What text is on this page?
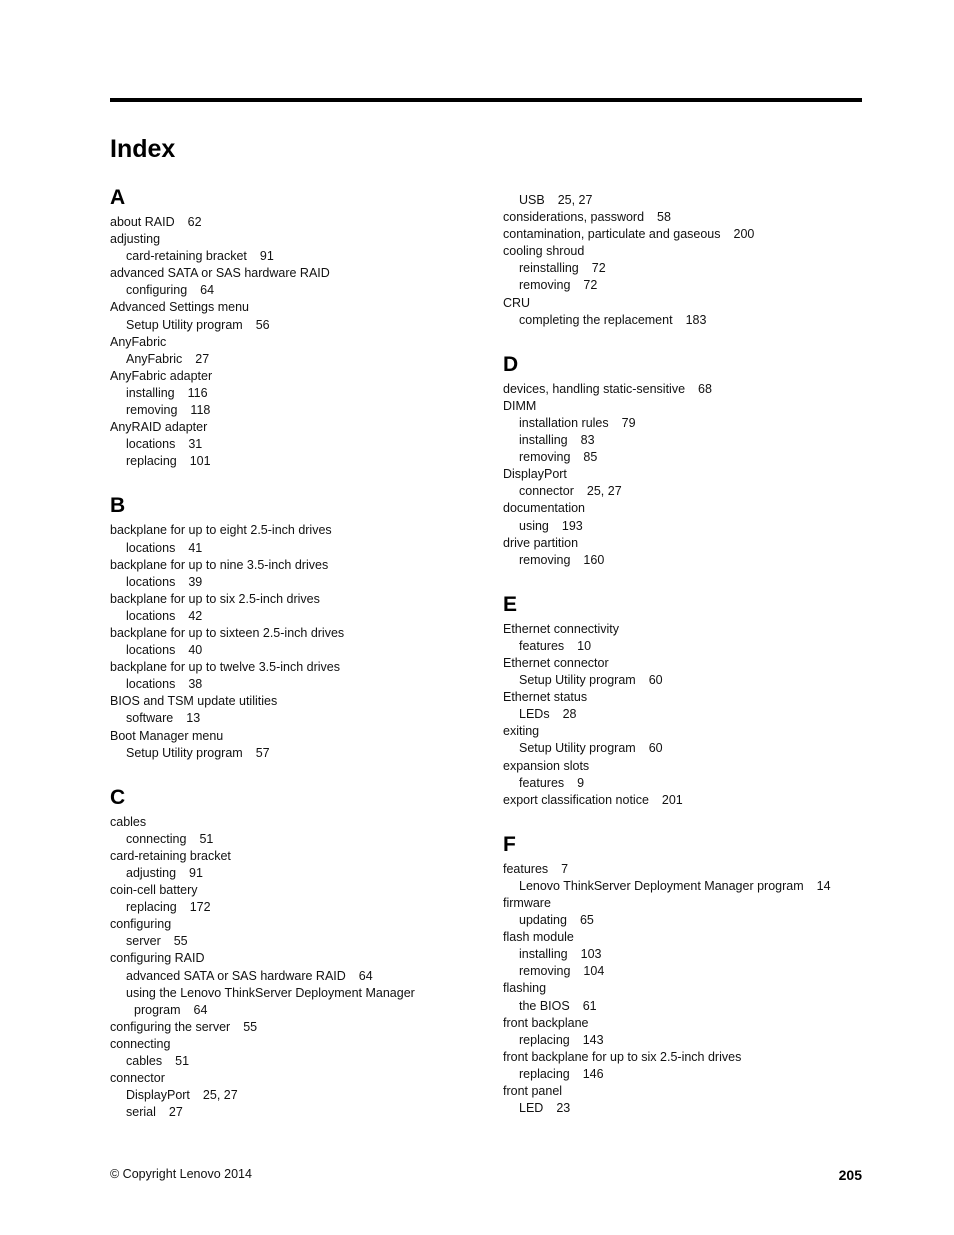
Index
A
about RAID 62
adjusting
card-retaining bracket 91
advanced SATA or SAS hardware RAID
configuring 64
Advanced Settings menu
Setup Utility program 56
AnyFabric
AnyFabric 27
AnyFabric adapter
installing 116
removing 118
AnyRAID adapter
locations 31
replacing 101
B
backplane for up to eight 2.5-inch drives
locations 41
backplane for up to nine 3.5-inch drives
locations 39
backplane for up to six 2.5-inch drives
locations 42
backplane for up to sixteen 2.5-inch drives
locations 40
backplane for up to twelve 3.5-inch drives
locations 38
BIOS and TSM update utilities
software 13
Boot Manager menu
Setup Utility program 57
C
cables
connecting 51
card-retaining bracket
adjusting 91
coin-cell battery
replacing 172
configuring
server 55
configuring RAID
advanced SATA or SAS hardware RAID 64
using the Lenovo ThinkServer Deployment Manager
program 64
configuring the server 55
connecting
cables 51
connector
DisplayPort 25, 27
serial 27
USB 25, 27
considerations, password 58
contamination, particulate and gaseous 200
cooling shroud
reinstalling 72
removing 72
CRU
completing the replacement 183
D
devices, handling static-sensitive 68
DIMM
installation rules 79
installing 83
removing 85
DisplayPort
connector 25, 27
documentation
using 193
drive partition
removing 160
E
Ethernet connectivity
features 10
Ethernet connector
Setup Utility program 60
Ethernet status
LEDs 28
exiting
Setup Utility program 60
expansion slots
features 9
export classification notice 201
F
features 7
Lenovo ThinkServer Deployment Manager program 14
firmware
updating 65
flash module
installing 103
removing 104
flashing
the BIOS 61
front backplane
replacing 143
front backplane for up to six 2.5-inch drives
replacing 146
front panel
LED 23
© Copyright Lenovo 2014	205
